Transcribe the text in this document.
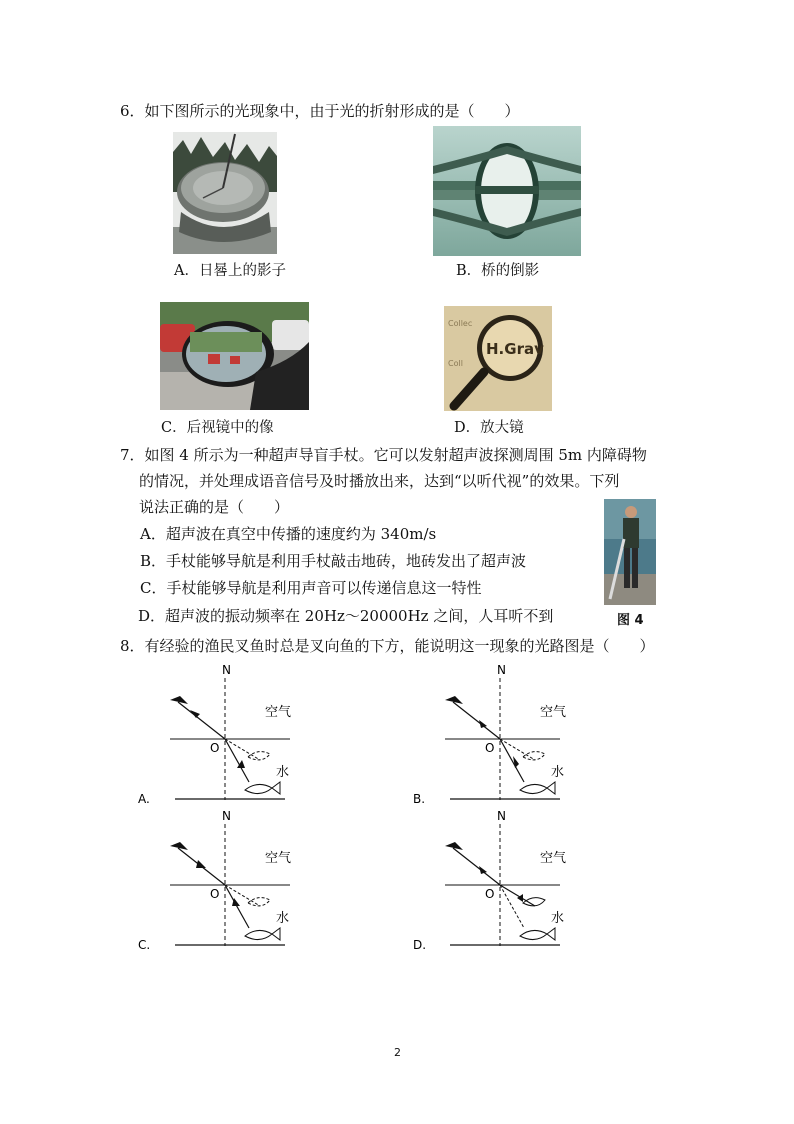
6．如下图所示的光现象中，由于光的折射形成的是（　　）
A．日晷上的影子	B．桥的倒影
C．后视镜中的像
Collec
Coll
H.Grav
D．放大镜
7．如图 4 所示为一种超声导盲手杖。它可以发射超声波探测周围 5m 内障碍物
的情况，并处理成语音信号及时播放出来，达到“以听代视”的效果。下列
说法正确的是（　　）
A．超声波在真空中传播的速度约为 340m/s
B．手杖能够导航是利用手杖敲击地砖，地砖发出了超声波
C．手杖能够导航是利用声音可以传递信息这一特性
D．超声波的振动频率在 20Hz～20000Hz 之间，人耳听不到	图 4
8．有经验的渔民叉鱼时总是叉向鱼的下方，能说明这一现象的光路图是（　　）
N
空气
O
水
A.
N
空气
O
水
B.
N
空气
O
水
C.
N
空气
O
水
D.
2
